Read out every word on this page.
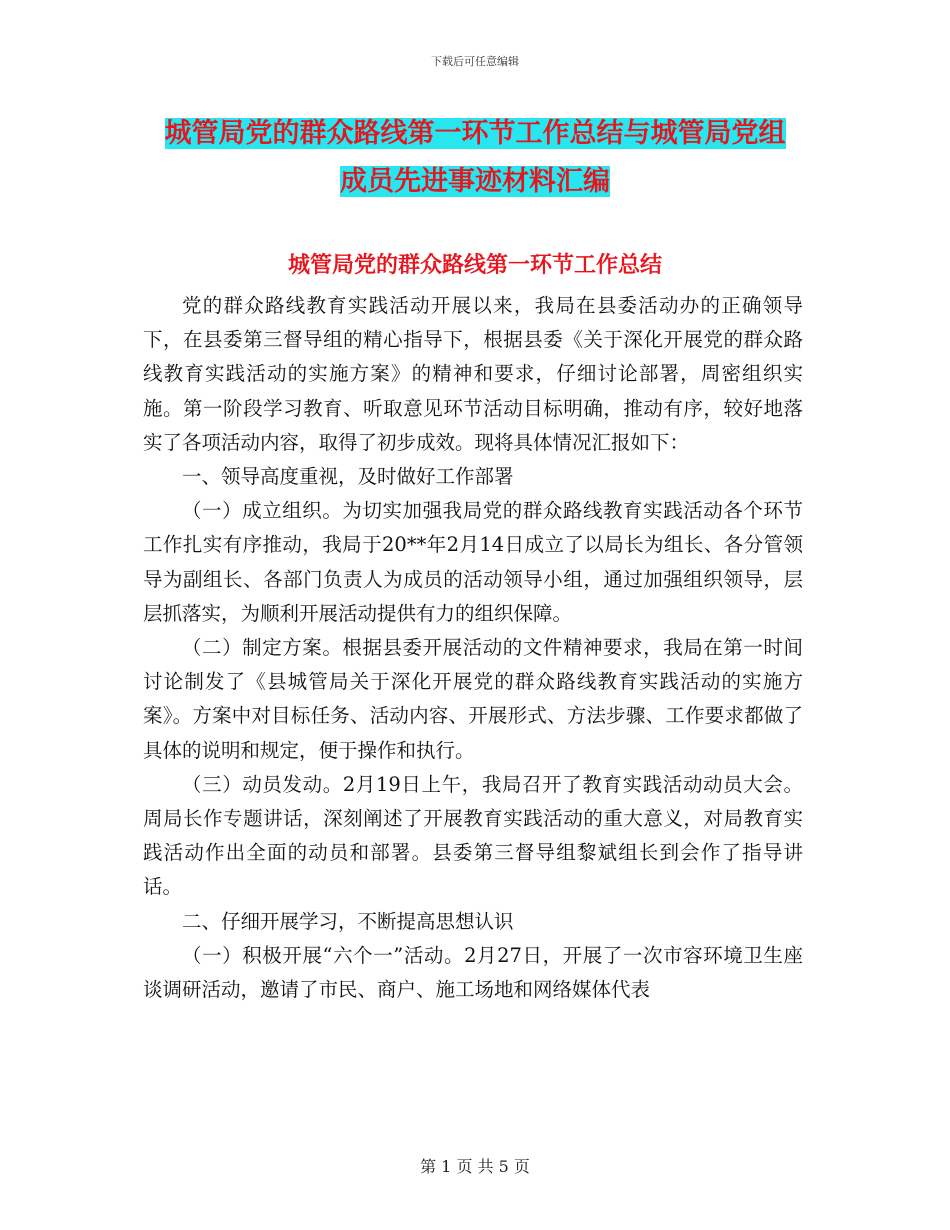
下载后可任意编辑
城管局党的群众路线第一环节工作总结与城管局党组
成员先进事迹材料汇编
城管局党的群众路线第一环节工作总结

党的群众路线教育实践活动开展以来，我局在县委活动办的正确领导下，在县委第三督导组的精心指导下，根据县委《关于深化开展党的群众路线教育实践活动的实施方案》的精神和要求，仔细讨论部署，周密组织实施。第一阶段学习教育、听取意见环节活动目标明确，推动有序，较好地落实了各项活动内容，取得了初步成效。现将具体情况汇报如下：

一、领导高度重视，及时做好工作部署

（一）成立组织。为切实加强我局党的群众路线教育实践活动各个环节工作扎实有序推动，我局于20**年2月14日成立了以局长为组长、各分管领导为副组长、各部门负责人为成员的活动领导小组，通过加强组织领导，层层抓落实，为顺利开展活动提供有力的组织保障。

（二）制定方案。根据县委开展活动的文件精神要求，我局在第一时间讨论制发了《县城管局关于深化开展党的群众路线教育实践活动的实施方案》。方案中对目标任务、活动内容、开展形式、方法步骤、工作要求都做了具体的说明和规定，便于操作和执行。

（三）动员发动。2月19日上午，我局召开了教育实践活动动员大会。周局长作专题讲话，深刻阐述了开展教育实践活动的重大意义，对局教育实践活动作出全面的动员和部署。县委第三督导组黎斌组长到会作了指导讲话。

二、仔细开展学习，不断提高思想认识

（一）积极开展“六个一”活动。2月27日，开展了一次市容环境卫生座谈调研活动，邀请了市民、商户、施工场地和网络媒体代表

第 1 页 共 5 页
